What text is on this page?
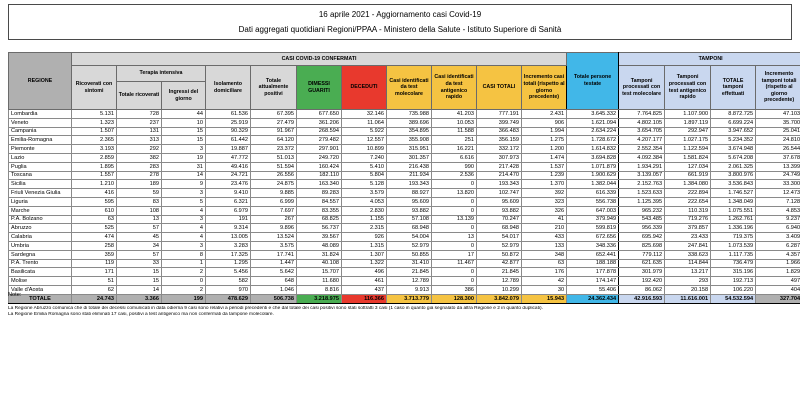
16 aprile 2021 - Aggiornamento casi Covid-19
Dati aggregati quotidiani Regioni/PPAA - Ministero della Salute - Istituto Superiore di Sanità
REGIONE	CASI COVID-19 CONFERMATI											Totale persone testate	TAMPONI			
	Ricoverati con sintomi	Terapia intensiva		Isolamento domiciliare	Totale attualmente positivi	DIMESSI GUARITI	DECEDUTI	Casi identificati da test molecolare	Casi identificati da test antigenico rapido	CASI TOTALI	Incremento casi totali (rispetto al giorno precedente)		Tamponi processati con test molecolare	Tamponi processati con test antigenico rapido	TOTALE tamponi effettuati	Incremento tamponi totali (rispetto al giorno precedente)
		Totale ricoverati	Ingressi del giorno													
Lombardia	5.131	728	44	61.536	67.395	677.650	32.146	735.988	41.203	777.191	2.431	3.645.332	7.764.825	1.107.900	8.872.725	47.103
Veneto	1.323	237	10	25.919	27.479	361.206	11.064	389.696	10.053	399.749	906	1.621.094	4.802.105	1.897.119	6.699.224	35.700
Campania	1.507	131	15	90.329	91.967	268.594	5.922	354.895	11.588	366.483	1.994	2.634.224	3.654.705	292.947	3.947.652	25.041
Emilia-Romagna	2.365	313	15	61.442	64.120	279.482	12.557	355.908	251	356.159	1.275	1.728.672	4.207.177	1.027.175	5.234.352	24.810
Piemonte	3.193	292	3	19.887	23.372	297.901	10.899	315.951	16.221	332.172	1.200	1.614.832	2.552.354	1.122.594	3.674.948	26.544
Lazio	2.859	382	19	47.772	51.013	249.720	7.240	301.357	6.616	307.973	1.474	3.694.828	4.092.384	1.581.824	5.674.208	37.678
Puglia	1.895	283	31	49.416	51.594	160.424	5.410	216.438	990	217.428	1.537	1.071.879	1.934.291	127.034	2.061.325	13.399
Toscana	1.557	278	14	24.721	26.556	182.110	5.804	211.934	2.536	214.470	1.239	1.900.629	3.139.057	661.919	3.800.976	24.749
Sicilia	1.210	189	9	23.476	24.875	163.340	5.128	193.343	0	193.343	1.370	1.382.044	2.152.763	1.384.080	3.536.843	33.300
Friuli Venezia Giulia	416	59	3	9.410	9.885	89.283	3.579	88.927	13.820	102.747	392	616.339	1.523.633	222.894	1.746.527	12.473
Liguria	595	83	5	6.321	6.999	84.557	4.053	95.609	0	95.609	323	556.738	1.125.395	222.654	1.348.049	7.128
Marche	610	108	4	6.979	7.697	83.355	2.830	93.882	0	93.882	326	647.003	965.232	110.319	1.075.551	4.853
P.A. Bolzano	63	13	3	191	267	68.825	1.155	57.108	13.139	70.247	41	379.949	543.485	719.276	1.262.761	9.237
Abruzzo	525	57	4	9.314	9.896	56.737	2.315	68.948	0	68.948	210	599.819	956.339	379.857	1.336.196	6.940
Calabria	474	45	4	13.005	13.524	39.567	926	54.004	13	54.017	433	672.656	695.942	23.433	719.375	3.409
Umbria	258	34	3	3.283	3.575	48.089	1.315	52.979	0	52.979	133	348.336	825.698	247.841	1.073.539	6.287
Sardegna	359	57	8	17.325	17.741	31.824	1.307	50.855	17	50.872	348	652.441	779.112	338.623	1.117.735	4.357
P.A. Trento	119	33	1	1.295	1.447	40.108	1.322	31.410	11.467	42.877	63	188.188	621.635	114.844	736.479	1.966
Basilicata	171	15	2	5.456	5.642	15.707	496	21.845	0	21.845	176	177.878	301.979	13.217	315.196	1.829
Molise	51	15	0	582	648	11.680	461	12.789	0	12.789	42	174.147	192.420	293	192.713	497
Valle d'Aosta	62	14	2	970	1.046	8.816	437	9.913	386	10.299	30	55.406	86.062	20.158	106.220	404
TOTALE	24.743	3.366	199	478.629	506.738	3.218.975	116.366	3.713.779	128.300	3.842.079	15.943	24.362.434	42.916.593	11.616.001	54.532.594	327.704
Note:
La Regione Abruzzo comunica che di totale dei decessi comunicati in data odierna 9 casi sono relativi a periodi precedenti e che dal totale dei casi positivi sono stati sottratti 3 casi (1 caso in quanto già segnalato da altra Regione e 2 in quanto duplicati).
La Regione Emilia Romagna sono stati eliminati 17 casi, positivi a test antigenico ma non confermati da tampone molecolare.
